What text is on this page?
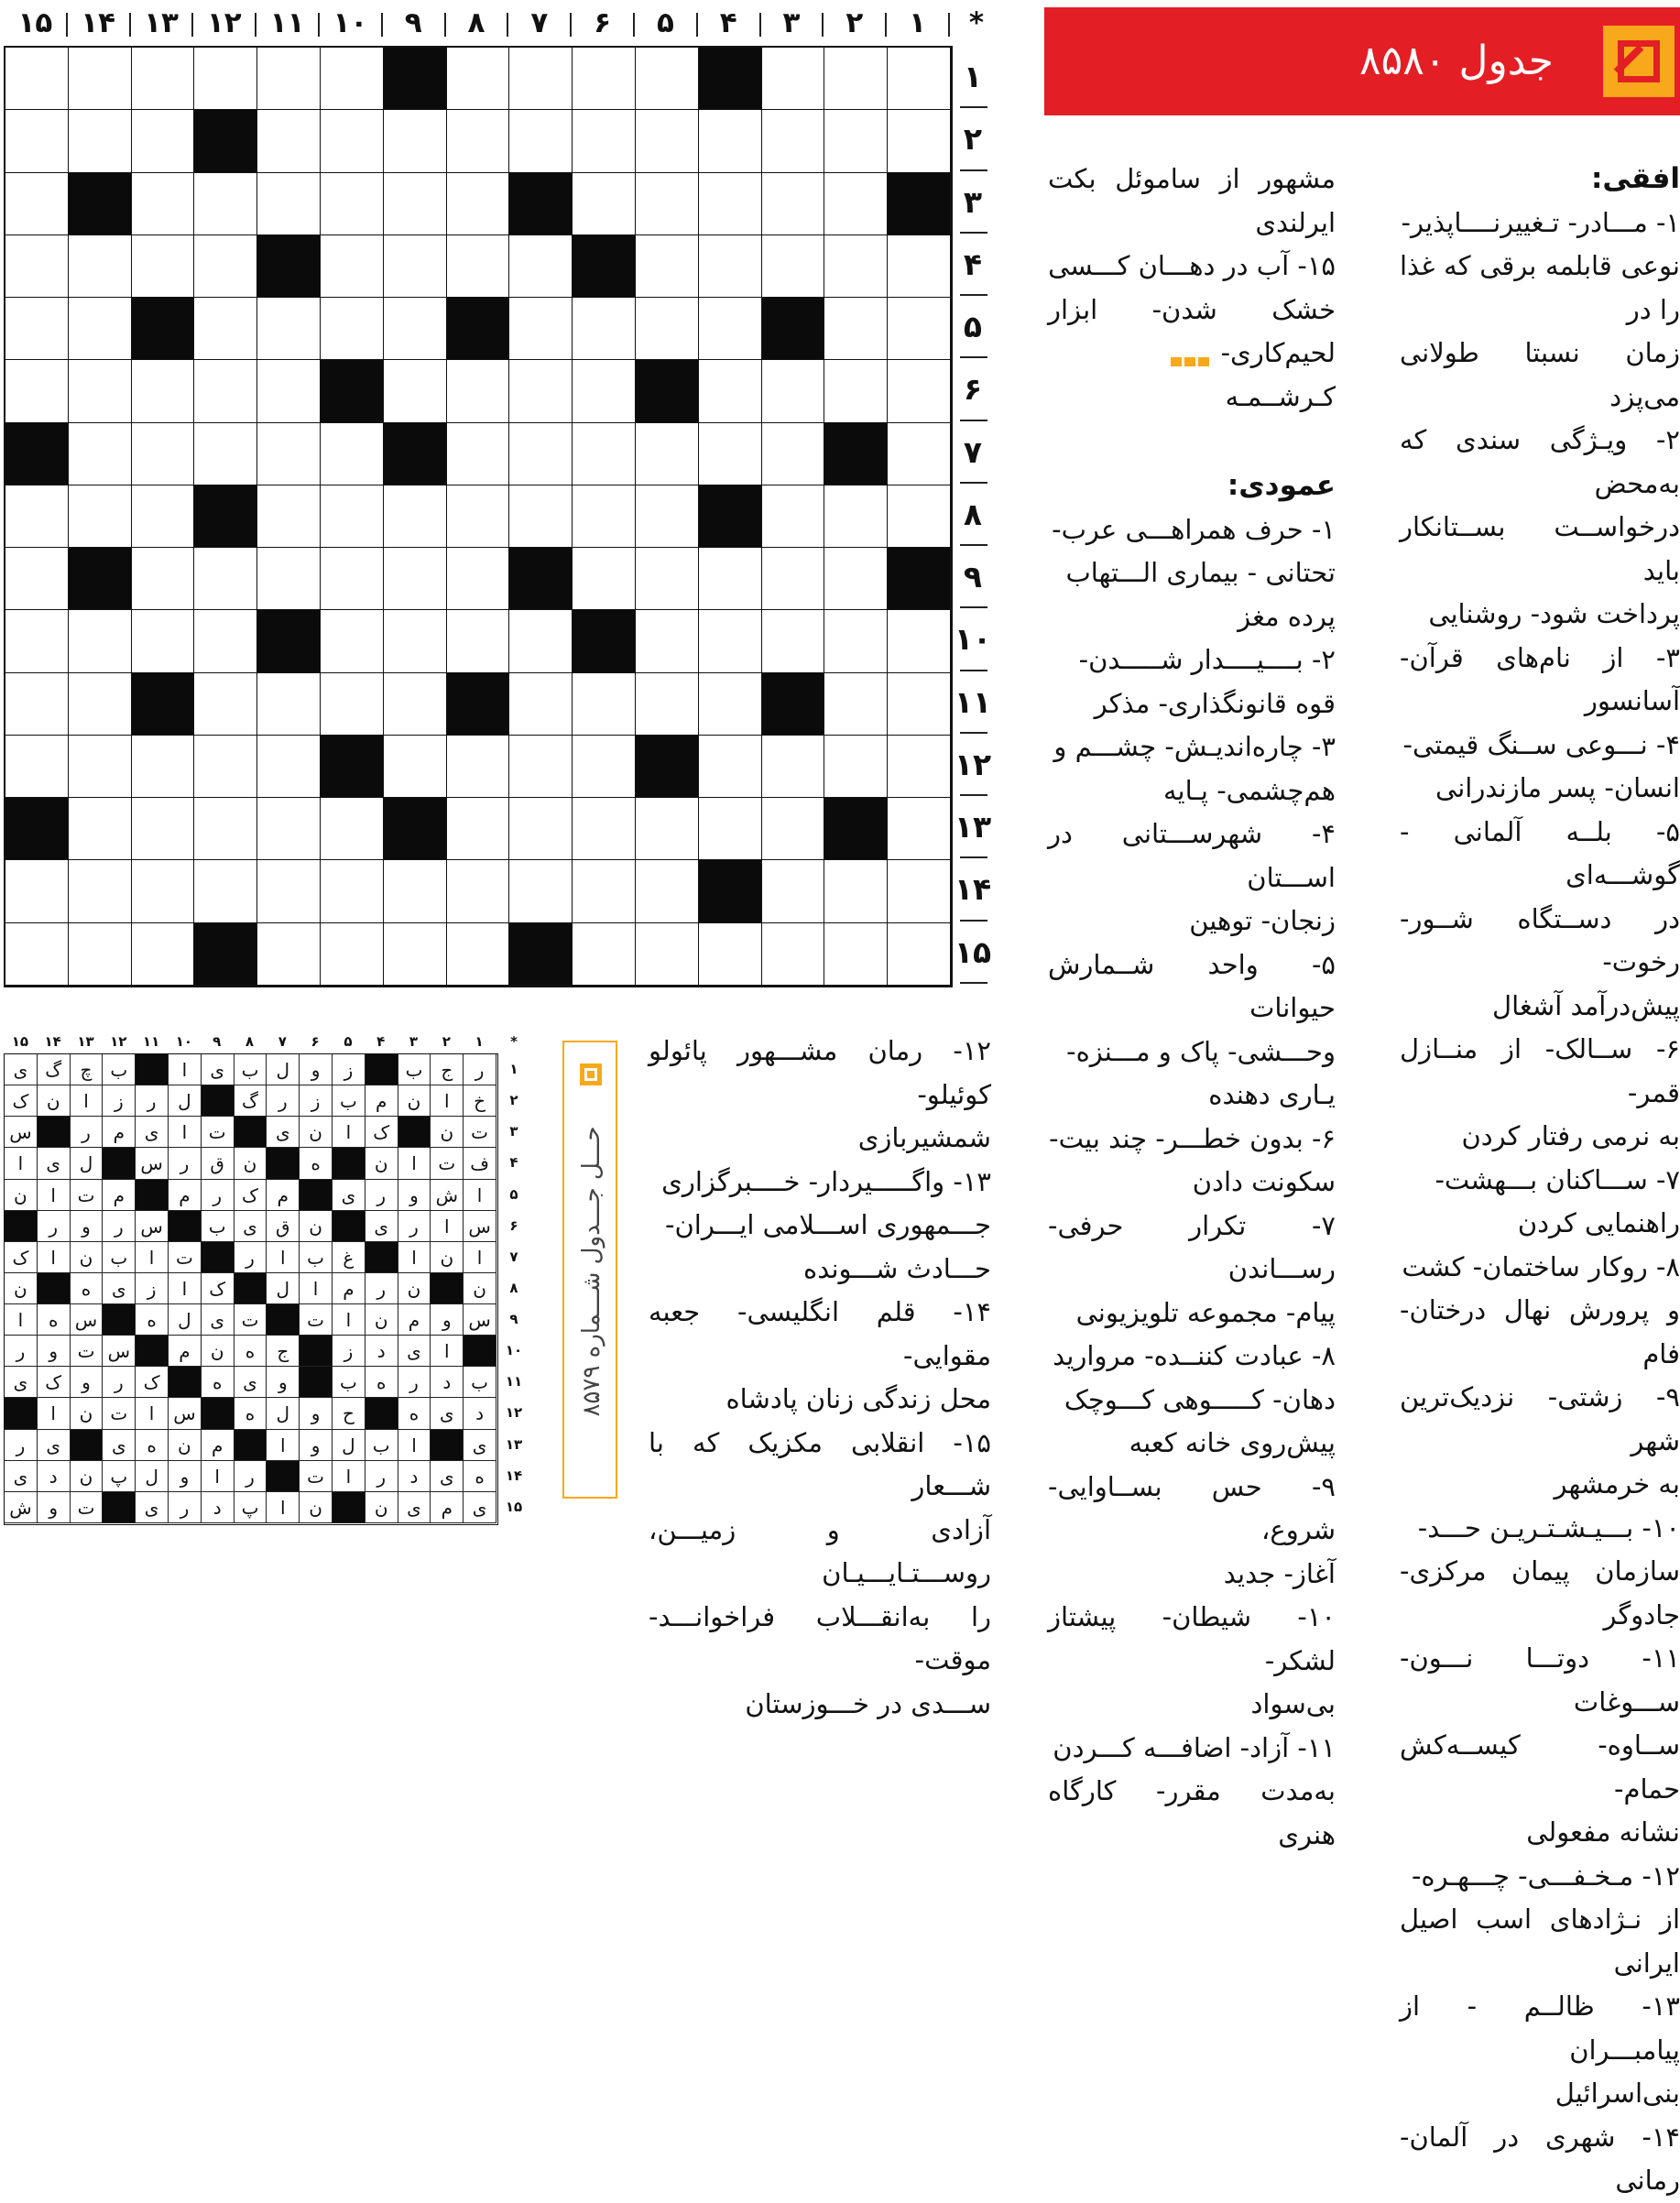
۱
۲
۳
۴
۵
۶
۷
۸
۹
۱۰
۱۱
۱۲
۱۳
۱۴
۱۵	*
۱
۲
۳
۴
۵
۶
۷
۸
۹
۱۰
۱۱
۱۲
۱۳
۱۴
۱۵
جدول ۸۵۸۰
افقی:
۱- مـــادر- تـغییرنــــاپذیر-
نوعی قابلمه برقی که غذا را در
زمان نسبتا طولانی می‌پزد
۲- ویـژگی سندی که به‌محض
درخواســت بســتانکار باید
پرداخت شود- روشنایی
۳- از نام‌های قرآن- آسانسور
۴- نـــوعی ســنگ قیمتی-
انسان- پسر مازندرانی
۵- بلــه آلمانی - گوشـــه‌ای
در دســتگاه شــور- رخوت-
پیش‌درآمد آشغال
۶- ســالک- از منــازل قمر-
به نرمی رفتار کردن
۷- ســـاکنان بـــهشت-
راهنمایی کردن
۸- روکار ساختمان- کشت
و پرورش نهال درختان- فام
۹- زشتی- نزدیک‌ترین شهر
به خرمشهر
۱۰- بـــیـشـتـریـن حـــد-
سازمان پیمان مرکزی- جادوگر
۱۱- دوتـــا نـــون- ســـوغات
ســاوه- کیســه‌کش حمام-
نشانه مفعولی
۱۲- مـخـفـــی- چـــهـره-
از نـژادهای اسب اصیل ایرانی
۱۳- ظالــم - از پیامبـــران
بنی‌اسرائیل
۱۴- شهری در آلمان- رمانی
مشهور از ساموئل بکت ایرلندی
۱۵- آب در دهـــان کـــسی
خشک شدن- ابزار لحیم‌کاری-
کـرشــمـه
عمودی:
۱- حرف همراهـــی عرب-
تحتانی - بیماری الـــتهاب
پرده مغز
۲- بــــیــــدار شـــــدن-
قوه قانونگذاری- مذکر
۳- چاره‌اندیـش- چشـــم و
هم‌چشمی- پـایه
۴- شهرســـتانی در اســـتان
زنجان- توهین
۵- واحد شــمارش حیوانات
وحـــشی- پاک و مـــنزه-
یـاری دهنده
۶- بدون خطـــر- چند بیت-
سکونت دادن
۷- تکرار حرفی- رســـاندن
پیام- مجموعه تلویزیونی
۸- عبادت کننــده- مروارید
دهان- کـــــوهی کـــوچک
پیش‌روی خانه کعبه
۹- حس بســاوایی- شروع،
آغاز- جدید
۱۰- شیطان- پیشتاز لشکر-
بی‌سواد
۱۱- آزاد- اضافـــه کـــردن
به‌مدت مقرر- کارگاه هنری
۱۲- رمان مشـــهور پائولو کوئیلو-
شمشیربازی
۱۳- واگـــــیردار- خــــبرگزاری
جـــمهوری اســـلامی ایـــران-
حـــادث شـــونده
۱۴- قلم انگلیسی- جعبه مقوایی-
محل زندگی زنان پادشاه
۱۵- انقلابی مکزیک که با شـــعار
آزادی و زمیـــن، روســـتـایـــیـان
را به‌انقـــلاب فراخوانـــد- موقت-
ســـدی در خـــوزستان
۱
۲
۳
۴
۵
۶
۷
۸
۹
۱۰
۱۱
۱۲
۱۳
۱۴
۱۵	*
ر
ج
ب
ز
و
ل
ب
ی
ا
ب
چ
گ
ی
خ
ا
ن
م
ب
ز
ر
گ
ل
ر
ز
ا
ن
ک
ت
ن
ک
ا
ن
ی
ت
ا
ی
م
ر
س
ف
ت
ا
ن
ه
ن
ق
ر
س
ل
ی
ا
ا
ش
و
ر
ی
م
ک
ر
م
م
ت
ا
ن
س
ا
ر
ی
ن
ق
ی
ب
س
ر
و
ر
ا
ن
ا
غ
ب
ا
ر
ت
ا
ب
ن
ا
ک
ن
ن
ر
م
ا
ل
ک
ا
ز
ی
ه
ن
س
و
م
ن
ا
ت
ت
ی
ل
ه
س
ه
ا
ا
ی
د
ز
ج
ه
ن
م
س
ت
و
ر
ب
د
ر
ه
ب
و
ی
ه
ک
ر
و
ک
ی
د
ی
ه
ح
و
ل
ه
س
ا
ت
ن
ا
ی
ا
ب
ل
و
ا
م
ن
ه
ی
ی
ر
ه
ی
د
ر
ا
ت
ر
ا
و
ل
پ
ن
د
ی
ی
م
ی
ن
ن
ا
پ
د
ر
ی
ت
و
ش
۱
۲
۳
۴
۵
۶
۷
۸
۹
۱۰
۱۱
۱۲
۱۳
۱۴
۱۵
حـــل جـــدول شـــماره ۸۵۷۹
